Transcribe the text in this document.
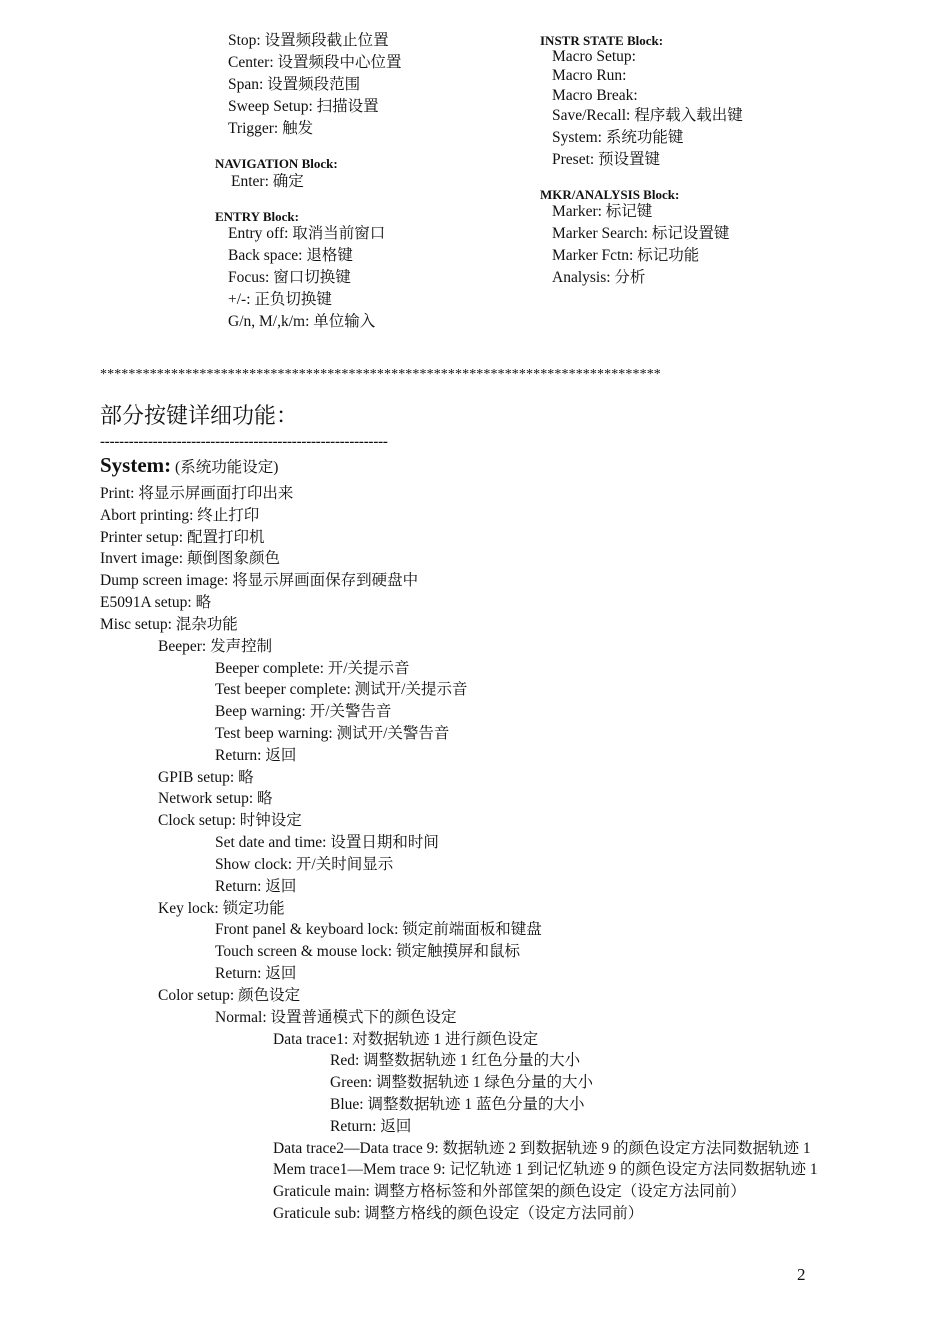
Stop: 设置频段截止位置
Center: 设置频段中心位置
Span: 设置频段范围
Sweep Setup: 扫描设置
Trigger: 触发
NAVIGATION Block:
Enter: 确定
ENTRY Block:
Entry off: 取消当前窗口
Back space: 退格键
Focus: 窗口切换键
+/-: 正负切换键
G/n, M/,k/m: 单位输入
INSTR STATE Block:
Macro Setup:
Macro Run:
Macro Break:
Save/Recall: 程序载入载出键
System: 系统功能键
Preset: 预设置键
MKR/ANALYSIS Block:
Marker: 标记键
Marker Search: 标记设置键
Marker Fctn: 标记功能
Analysis: 分析
*******************************************************************************
部分按键详细功能：
------------------------------------------------------------
System: (系统功能设定)
Print: 将显示屏画面打印出来
Abort printing: 终止打印
Printer setup: 配置打印机
Invert image: 颠倒图象颜色
Dump screen image: 将显示屏画面保存到硬盘中
E5091A setup: 略
Misc setup: 混杂功能
Beeper: 发声控制
Beeper complete: 开/关提示音
Test beeper complete: 测试开/关提示音
Beep warning: 开/关警告音
Test beep warning: 测试开/关警告音
Return: 返回
GPIB setup: 略
Network setup: 略
Clock setup: 时钟设定
Set date and time: 设置日期和时间
Show clock: 开/关时间显示
Return: 返回
Key lock: 锁定功能
Front panel & keyboard lock: 锁定前端面板和键盘
Touch screen & mouse lock: 锁定触摸屏和鼠标
Return: 返回
Color setup: 颜色设定
Normal: 设置普通模式下的颜色设定
Data trace1: 对数据轨迹 1 进行颜色设定
Red: 调整数据轨迹 1 红色分量的大小
Green: 调整数据轨迹 1 绿色分量的大小
Blue: 调整数据轨迹 1 蓝色分量的大小
Return: 返回
Data trace2—Data trace 9: 数据轨迹 2 到数据轨迹 9 的颜色设定方法同数据轨迹 1
Mem trace1—Mem trace 9: 记忆轨迹 1 到记忆轨迹 9 的颜色设定方法同数据轨迹 1
Graticule main: 调整方格标签和外部筐架的颜色设定（设定方法同前）
Graticule sub: 调整方格线的颜色设定（设定方法同前）
2
